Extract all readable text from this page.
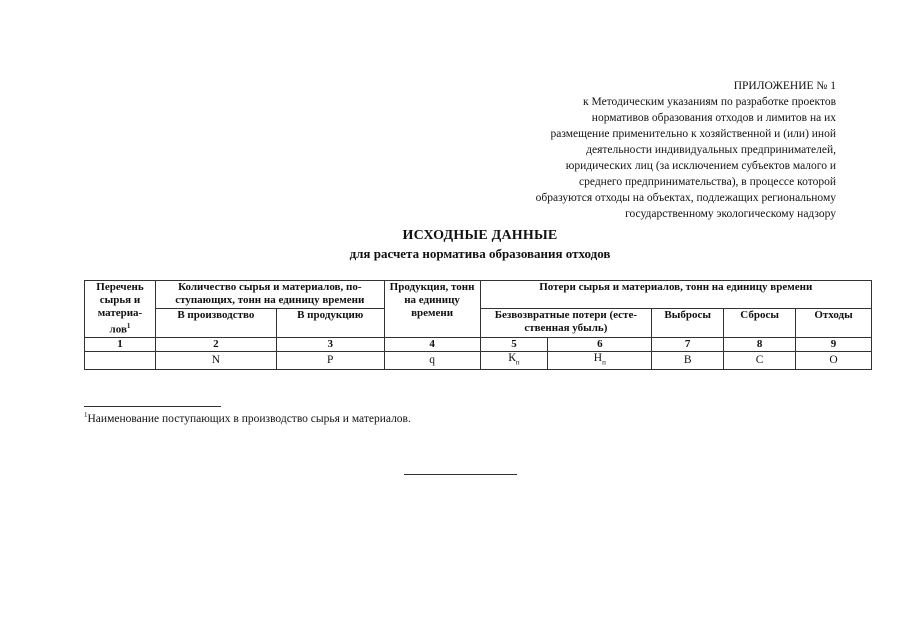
ПРИЛОЖЕНИЕ № 1
к Методическим указаниям по разработке проектов
нормативов образования отходов и лимитов на их
размещение применительно к хозяйственной и (или) иной
деятельности индивидуальных предпринимателей,
юридических лиц (за исключением субъектов малого и
среднего предпринимательства), в процессе которой
образуются отходы на объектах, подлежащих региональному
государственному экологическому надзору
ИСХОДНЫЕ ДАННЫЕ
для расчета норматива образования отходов
Перечень сырья и материа-
лов$^1$	Количество сырья и материалов, по-ступающих, тонн на единицу времени		Продукция, тонн на единицу времени	Потери сырья и материалов, тонн на единицу времени				
	В производство	В продукцию		Безвозвратные потери (есте-ственная убыль)		Выбросы	Сбросы	Отходы
1	2	3	4	5	6	7	8	9
	N	P	q	$К_п$	$Н_п$	B	C	O
$^1$Наименование поступающих в производство сырья и материалов.
